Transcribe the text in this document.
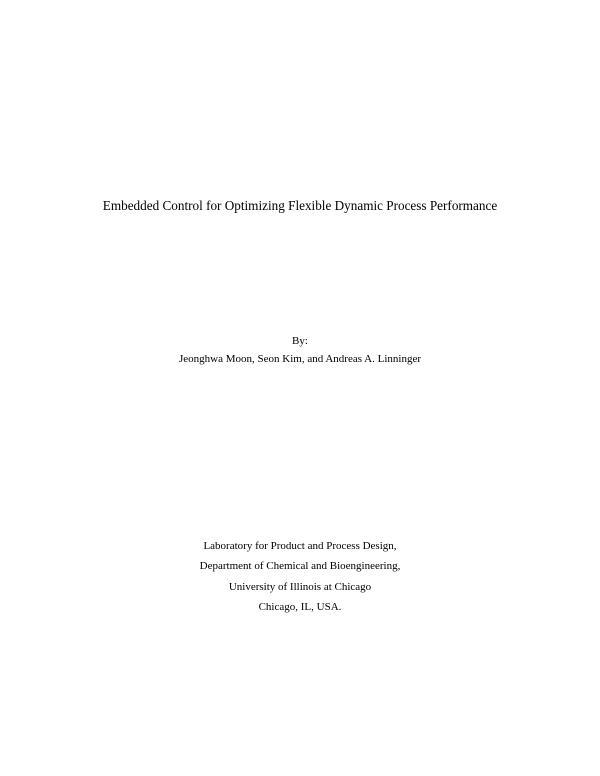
Embedded Control for Optimizing Flexible Dynamic Process Performance
By:
Jeonghwa Moon, Seon Kim, and Andreas A. Linninger
Laboratory for Product and Process Design,
Department of Chemical and Bioengineering,
University of Illinois at Chicago
Chicago, IL, USA.
